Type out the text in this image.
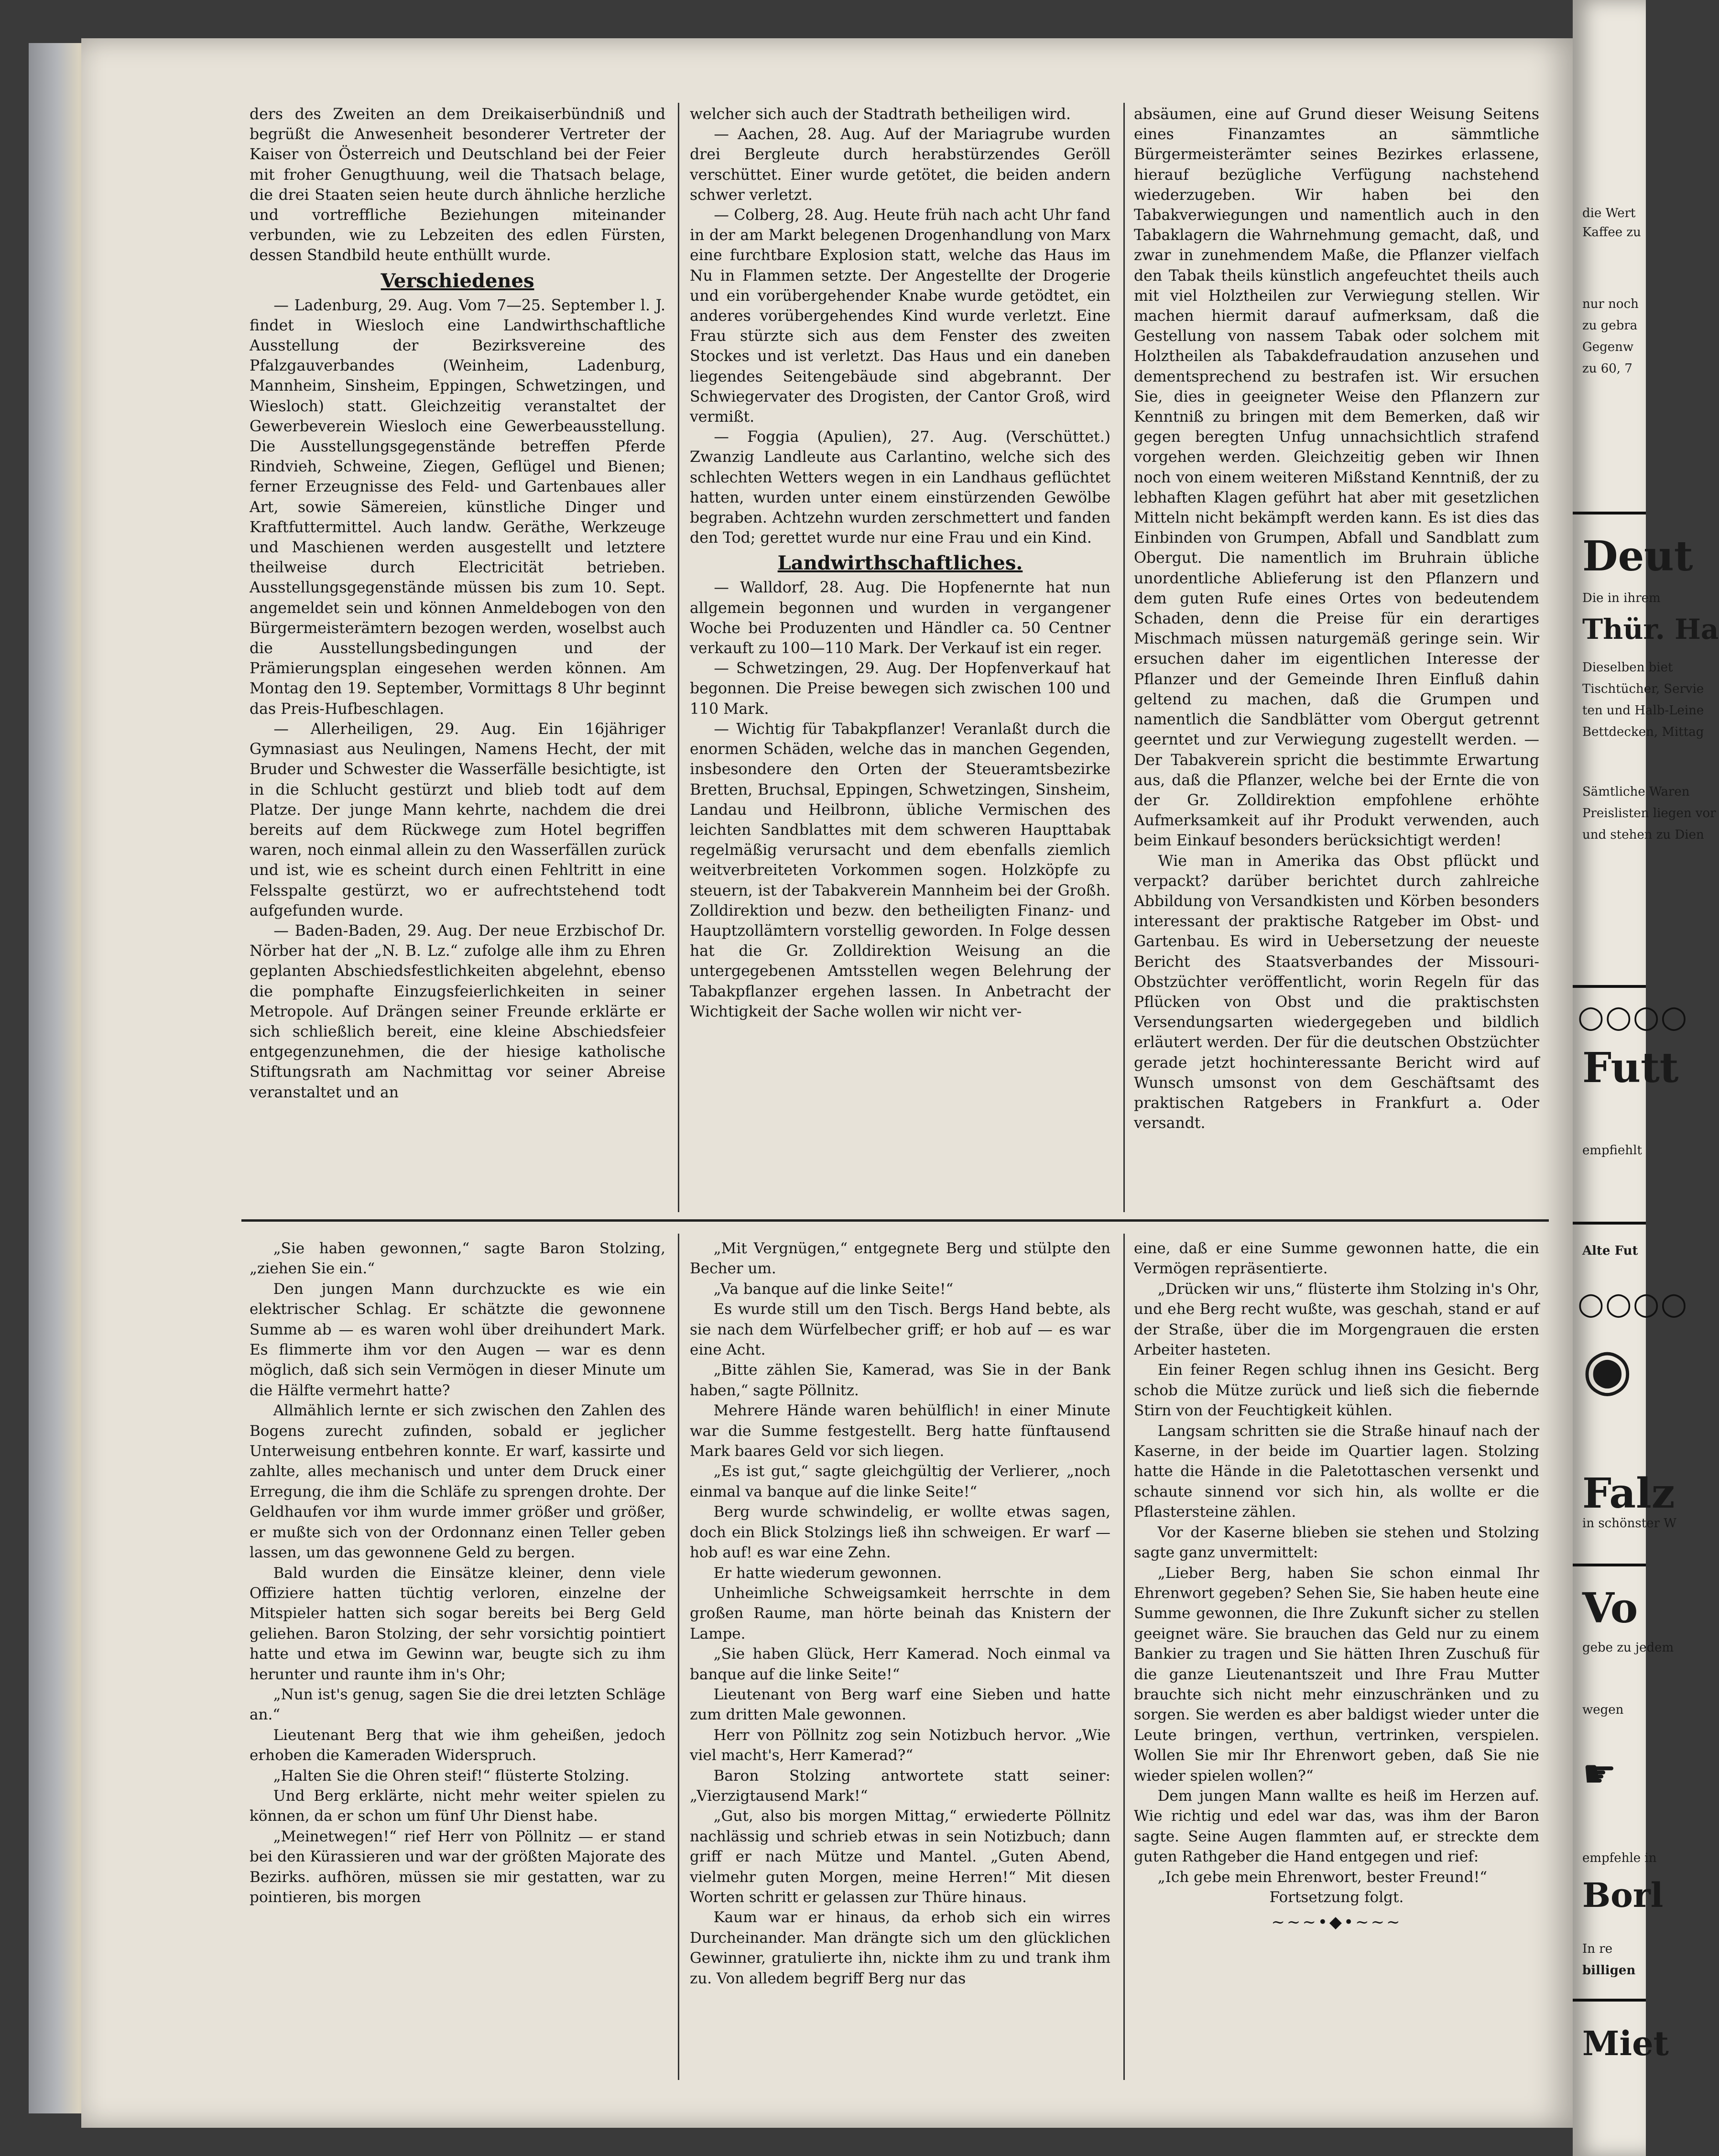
ders des Zweiten an dem Dreikaiserbündniß und begrüßt die Anwesenheit besonderer Vertreter der Kaiser von Österreich und Deutschland bei der Feier mit froher Genugthuung, weil die Thatsach belage, die drei Staaten seien heute durch ähnliche herzliche und vortreffliche Beziehungen miteinander verbunden, wie zu Lebzeiten des edlen Fürsten, dessen Standbild heute enthüllt wurde.

Verschiedenes

— Ladenburg, 29. Aug. Vom 7—25. September l. J. findet in Wiesloch eine Landwirthschaftliche Ausstellung der Bezirksvereine des Pfalzgauverbandes (Weinheim, Ladenburg, Mannheim, Sinsheim, Eppingen, Schwetzingen, und Wiesloch) statt. Gleichzeitig veranstaltet der Gewerbeverein Wiesloch eine Gewerbeausstellung. Die Ausstellungsgegenstände betreffen Pferde Rindvieh, Schweine, Ziegen, Geflügel und Bienen; ferner Erzeugnisse des Feld- und Gartenbaues aller Art, sowie Sämereien, künstliche Dinger und Kraftfuttermittel. Auch landw. Geräthe, Werkzeuge und Maschienen werden ausgestellt und letztere theilweise durch Electricität betrieben. Ausstellungsgegenstände müssen bis zum 10. Sept. angemeldet sein und können Anmeldebogen von den Bürgermeisterämtern bezogen werden, woselbst auch die Ausstellungsbedingungen und der Prämierungsplan eingesehen werden können. Am Montag den 19. September, Vormittags 8 Uhr beginnt das Preis-Hufbeschlagen.

— Allerheiligen, 29. Aug. Ein 16jähriger Gymnasiast aus Neulingen, Namens Hecht, der mit Bruder und Schwester die Wasserfälle besichtigte, ist in die Schlucht gestürzt und blieb todt auf dem Platze. Der junge Mann kehrte, nachdem die drei bereits auf dem Rückwege zum Hotel begriffen waren, noch einmal allein zu den Wasserfällen zurück und ist, wie es scheint durch einen Fehltritt in eine Felsspalte gestürzt, wo er aufrechtstehend todt aufgefunden wurde.

— Baden-Baden, 29. Aug. Der neue Erzbischof Dr. Nörber hat der „N. B. Lz.“ zufolge alle ihm zu Ehren geplanten Abschiedsfestlichkeiten abgelehnt, ebenso die pomphafte Einzugsfeierlichkeiten in seiner Metropole. Auf Drängen seiner Freunde erklärte er sich schließlich bereit, eine kleine Abschiedsfeier entgegenzunehmen, die der hiesige katholische Stiftungsrath am Nachmittag vor seiner Abreise veranstaltet und an

welcher sich auch der Stadtrath betheiligen wird.

— Aachen, 28. Aug. Auf der Mariagrube wurden drei Bergleute durch herabstürzendes Geröll verschüttet. Einer wurde getötet, die beiden andern schwer verletzt.

— Colberg, 28. Aug. Heute früh nach acht Uhr fand in der am Markt belegenen Drogenhandlung von Marx eine furchtbare Explosion statt, welche das Haus im Nu in Flammen setzte. Der Angestellte der Drogerie und ein vorübergehender Knabe wurde getödtet, ein anderes vorübergehendes Kind wurde verletzt. Eine Frau stürzte sich aus dem Fenster des zweiten Stockes und ist verletzt. Das Haus und ein daneben liegendes Seitengebäude sind abgebrannt. Der Schwiegervater des Drogisten, der Cantor Groß, wird vermißt.

— Foggia (Apulien), 27. Aug. (Verschüttet.) Zwanzig Landleute aus Carlantino, welche sich des schlechten Wetters wegen in ein Landhaus geflüchtet hatten, wurden unter einem einstürzenden Gewölbe begraben. Achtzehn wurden zerschmettert und fanden den Tod; gerettet wurde nur eine Frau und ein Kind.

Landwirthschaftliches.

— Walldorf, 28. Aug. Die Hopfenernte hat nun allgemein begonnen und wurden in vergangener Woche bei Produzenten und Händler ca. 50 Centner verkauft zu 100—110 Mark. Der Verkauf ist ein reger.

— Schwetzingen, 29. Aug. Der Hopfenverkauf hat begonnen. Die Preise bewegen sich zwischen 100 und 110 Mark.

— Wichtig für Tabakpflanzer! Veranlaßt durch die enormen Schäden, welche das in manchen Gegenden, insbesondere den Orten der Steueramtsbezirke Bretten, Bruchsal, Eppingen, Schwetzingen, Sinsheim, Landau und Heilbronn, übliche Vermischen des leichten Sandblattes mit dem schweren Haupttabak regelmäßig verursacht und dem ebenfalls ziemlich weitverbreiteten Vorkommen sogen. Holzköpfe zu steuern, ist der Tabakverein Mannheim bei der Großh. Zolldirektion und bezw. den betheiligten Finanz- und Hauptzollämtern vorstellig geworden. In Folge dessen hat die Gr. Zolldirektion Weisung an die untergegebenen Amtsstellen wegen Belehrung der Tabakpflanzer ergehen lassen. In Anbetracht der Wichtigkeit der Sache wollen wir nicht ver-

absäumen, eine auf Grund dieser Weisung Seitens eines Finanzamtes an sämmtliche Bürgermeisterämter seines Bezirkes erlassene, hierauf bezügliche Verfügung nachstehend wiederzugeben. Wir haben bei den Tabakverwiegungen und namentlich auch in den Tabaklagern die Wahrnehmung gemacht, daß, und zwar in zunehmendem Maße, die Pflanzer vielfach den Tabak theils künstlich angefeuchtet theils auch mit viel Holztheilen zur Verwiegung stellen. Wir machen hiermit darauf aufmerksam, daß die Gestellung von nassem Tabak oder solchem mit Holztheilen als Tabakdefraudation anzusehen und dementsprechend zu bestrafen ist. Wir ersuchen Sie, dies in geeigneter Weise den Pflanzern zur Kenntniß zu bringen mit dem Bemerken, daß wir gegen beregten Unfug unnachsichtlich strafend vorgehen werden. Gleichzeitig geben wir Ihnen noch von einem weiteren Mißstand Kenntniß, der zu lebhaften Klagen geführt hat aber mit gesetzlichen Mitteln nicht bekämpft werden kann. Es ist dies das Einbinden von Grumpen, Abfall und Sandblatt zum Obergut. Die namentlich im Bruhrain übliche unordentliche Ablieferung ist den Pflanzern und dem guten Rufe eines Ortes von bedeutendem Schaden, denn die Preise für ein derartiges Mischmach müssen naturgemäß geringe sein. Wir ersuchen daher im eigentlichen Interesse der Pflanzer und der Gemeinde Ihren Einfluß dahin geltend zu machen, daß die Grumpen und namentlich die Sandblätter vom Obergut getrennt geerntet und zur Verwiegung zugestellt werden. — Der Tabakverein spricht die bestimmte Erwartung aus, daß die Pflanzer, welche bei der Ernte die von der Gr. Zolldirektion empfohlene erhöhte Aufmerksamkeit auf ihr Produkt verwenden, auch beim Einkauf besonders berücksichtigt werden!

Wie man in Amerika das Obst pflückt und verpackt? darüber berichtet durch zahlreiche Abbildung von Versandkisten und Körben besonders interessant der praktische Ratgeber im Obst- und Gartenbau. Es wird in Uebersetzung der neueste Bericht des Staatsverbandes der Missouri-Obstzüchter veröffentlicht, worin Regeln für das Pflücken von Obst und die praktischsten Versendungsarten wiedergegeben und bildlich erläutert werden. Der für die deutschen Obstzüchter gerade jetzt hochinteressante Bericht wird auf Wunsch umsonst von dem Geschäftsamt des praktischen Ratgebers in Frankfurt a. Oder versandt.

„Sie haben gewonnen,“ sagte Baron Stolzing, „ziehen Sie ein.“

Den jungen Mann durchzuckte es wie ein elektrischer Schlag. Er schätzte die gewonnene Summe ab — es waren wohl über dreihundert Mark. Es flimmerte ihm vor den Augen — war es denn möglich, daß sich sein Vermögen in dieser Minute um die Hälfte vermehrt hatte?

Allmählich lernte er sich zwischen den Zahlen des Bogens zurecht zufinden, sobald er jeglicher Unterweisung entbehren konnte. Er warf, kassirte und zahlte, alles mechanisch und unter dem Druck einer Erregung, die ihm die Schläfe zu sprengen drohte. Der Geldhaufen vor ihm wurde immer größer und größer, er mußte sich von der Ordonnanz einen Teller geben lassen, um das gewonnene Geld zu bergen.

Bald wurden die Einsätze kleiner, denn viele Offiziere hatten tüchtig verloren, einzelne der Mitspieler hatten sich sogar bereits bei Berg Geld geliehen. Baron Stolzing, der sehr vorsichtig pointiert hatte und etwa im Gewinn war, beugte sich zu ihm herunter und raunte ihm in's Ohr;

„Nun ist's genug, sagen Sie die drei letzten Schläge an.“

Lieutenant Berg that wie ihm geheißen, jedoch erhoben die Kameraden Widerspruch.

„Halten Sie die Ohren steif!“ flüsterte Stolzing.

Und Berg erklärte, nicht mehr weiter spielen zu können, da er schon um fünf Uhr Dienst habe.

„Meinetwegen!“ rief Herr von Pöllnitz — er stand bei den Kürassieren und war der größten Majorate des Bezirks. aufhören, müssen sie mir gestatten, war zu pointieren, bis morgen

„Mit Vergnügen,“ entgegnete Berg und stülpte den Becher um.

„Va banque auf die linke Seite!“

Es wurde still um den Tisch. Bergs Hand bebte, als sie nach dem Würfelbecher griff; er hob auf — es war eine Acht.

„Bitte zählen Sie, Kamerad, was Sie in der Bank haben,“ sagte Pöllnitz.

Mehrere Hände waren behülflich! in einer Minute war die Summe festgestellt. Berg hatte fünftausend Mark baares Geld vor sich liegen.

„Es ist gut,“ sagte gleichgültig der Verlierer, „noch einmal va banque auf die linke Seite!“

Berg wurde schwindelig, er wollte etwas sagen, doch ein Blick Stolzings ließ ihn schweigen. Er warf — hob auf! es war eine Zehn.

Er hatte wiederum gewonnen.

Unheimliche Schweigsamkeit herrschte in dem großen Raume, man hörte beinah das Knistern der Lampe.

„Sie haben Glück, Herr Kamerad. Noch einmal va banque auf die linke Seite!“

Lieutenant von Berg warf eine Sieben und hatte zum dritten Male gewonnen.

Herr von Pöllnitz zog sein Notizbuch hervor. „Wie viel macht's, Herr Kamerad?“

Baron Stolzing antwortete statt seiner: „Vierzigtausend Mark!“

„Gut, also bis morgen Mittag,“ erwiederte Pöllnitz nachlässig und schrieb etwas in sein Notizbuch; dann griff er nach Mütze und Mantel. „Guten Abend, vielmehr guten Morgen, meine Herren!“ Mit diesen Worten schritt er gelassen zur Thüre hinaus.

Kaum war er hinaus, da erhob sich ein wirres Durcheinander. Man drängte sich um den glücklichen Gewinner, gratulierte ihn, nickte ihm zu und trank ihm zu. Von alledem begriff Berg nur das

eine, daß er eine Summe gewonnen hatte, die ein Vermögen repräsentierte.

„Drücken wir uns,“ flüsterte ihm Stolzing in's Ohr, und ehe Berg recht wußte, was geschah, stand er auf der Straße, über die im Morgengrauen die ersten Arbeiter hasteten.

Ein feiner Regen schlug ihnen ins Gesicht. Berg schob die Mütze zurück und ließ sich die fiebernde Stirn von der Feuchtigkeit kühlen.

Langsam schritten sie die Straße hinauf nach der Kaserne, in der beide im Quartier lagen. Stolzing hatte die Hände in die Paletottaschen versenkt und schaute sinnend vor sich hin, als wollte er die Pflastersteine zählen.

Vor der Kaserne blieben sie stehen und Stolzing sagte ganz unvermittelt:

„Lieber Berg, haben Sie schon einmal Ihr Ehrenwort gegeben? Sehen Sie, Sie haben heute eine Summe gewonnen, die Ihre Zukunft sicher zu stellen geeignet wäre. Sie brauchen das Geld nur zu einem Bankier zu tragen und Sie hätten Ihren Zuschuß für die ganze Lieutenantszeit und Ihre Frau Mutter brauchte sich nicht mehr einzuschränken und zu sorgen. Sie werden es aber baldigst wieder unter die Leute bringen, verthun, vertrinken, verspielen. Wollen Sie mir Ihr Ehrenwort geben, daß Sie nie wieder spielen wollen?“

Dem jungen Mann wallte es heiß im Herzen auf. Wie richtig und edel war das, was ihm der Baron sagte. Seine Augen flammten auf, er streckte dem guten Rathgeber die Hand entgegen und rief:

„Ich gebe mein Ehrenwort, bester Freund!“

Fortsetzung folgt.

~~~•◆•~~~
die Wert
Kaffee zu
nur noch
zu gebra
Gegenw
zu 60, 7
Deut
Die in ihrem
Thür. Ha
Dieselben biet
Tischtücher, Servie
ten und Halb-Leine
Bettdecken, Mittag
Sämtliche Waren
Preislisten liegen vor
und stehen zu Dien
○○○○
Futt
empfiehlt
Alte Fut
○○○○
◉
Falz
in schönster W
Vo
gebe zu jedem
wegen
☛
empfehle in
Borl
In re
billigen
Miet
